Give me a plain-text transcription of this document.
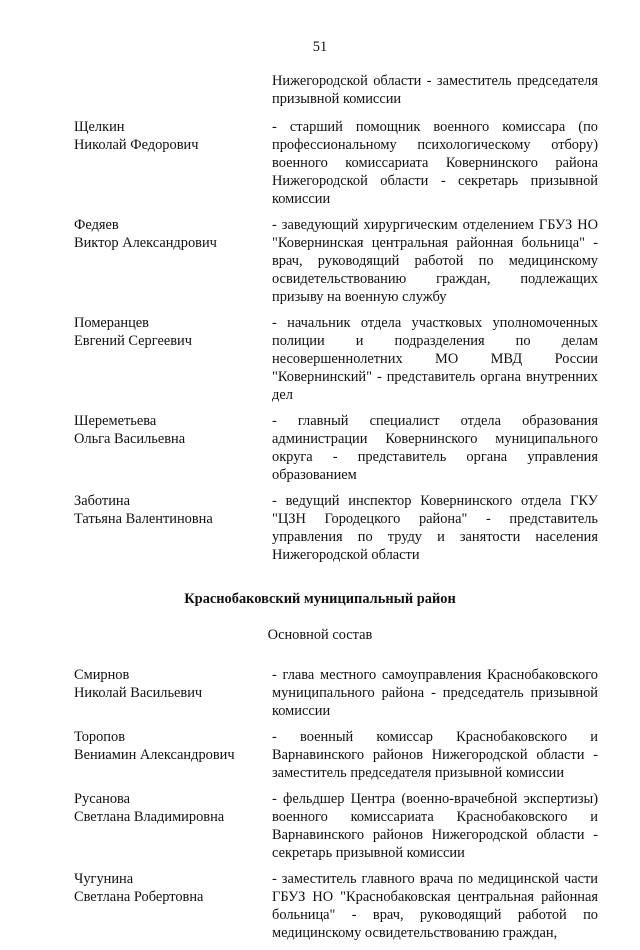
51
Нижегородской области - заместитель председателя призывной комиссии
Щелкин
Николай Федорович
- старший помощник военного комиссара (по профессиональному психологическому отбору) военного комиссариата Ковернинского района Нижегородской области - секретарь призывной комиссии
Федяев
Виктор Александрович
- заведующий хирургическим отделением ГБУЗ НО "Ковернинская центральная районная больница" - врач, руководящий работой по медицинскому освидетельствованию граждан, подлежащих призыву на военную службу
Померанцев
Евгений Сергеевич
- начальник отдела участковых уполномоченных полиции и подразделения по делам несовершеннолетних МО МВД России "Ковернинский" - представитель органа внутренних дел
Шереметьева
Ольга Васильевна
- главный специалист отдела образования администрации Ковернинского муниципального округа - представитель органа управления образованием
Заботина
Татьяна Валентиновна
- ведущий инспектор Ковернинского отдела ГКУ "ЦЗН Городецкого района" - представитель управления по труду и занятости населения Нижегородской области
Краснобаковский муниципальный район
Основной состав
Смирнов
Николай Васильевич
- глава местного самоуправления Краснобаковского муниципального района - председатель призывной комиссии
Торопов
Вениамин Александрович
- военный комиссар Краснобаковского и Варнавинского районов Нижегородской области - заместитель председателя призывной комиссии
Русанова
Светлана Владимировна
- фельдшер Центра (военно-врачебной экспертизы) военного комиссариата Краснобаковского и Варнавинского районов Нижегородской области - секретарь призывной комиссии
Чугунина
Светлана Робертовна
- заместитель главного врача по медицинской части ГБУЗ НО "Краснобаковская центральная районная больница" - врач, руководящий работой по медицинскому освидетельствованию граждан,
